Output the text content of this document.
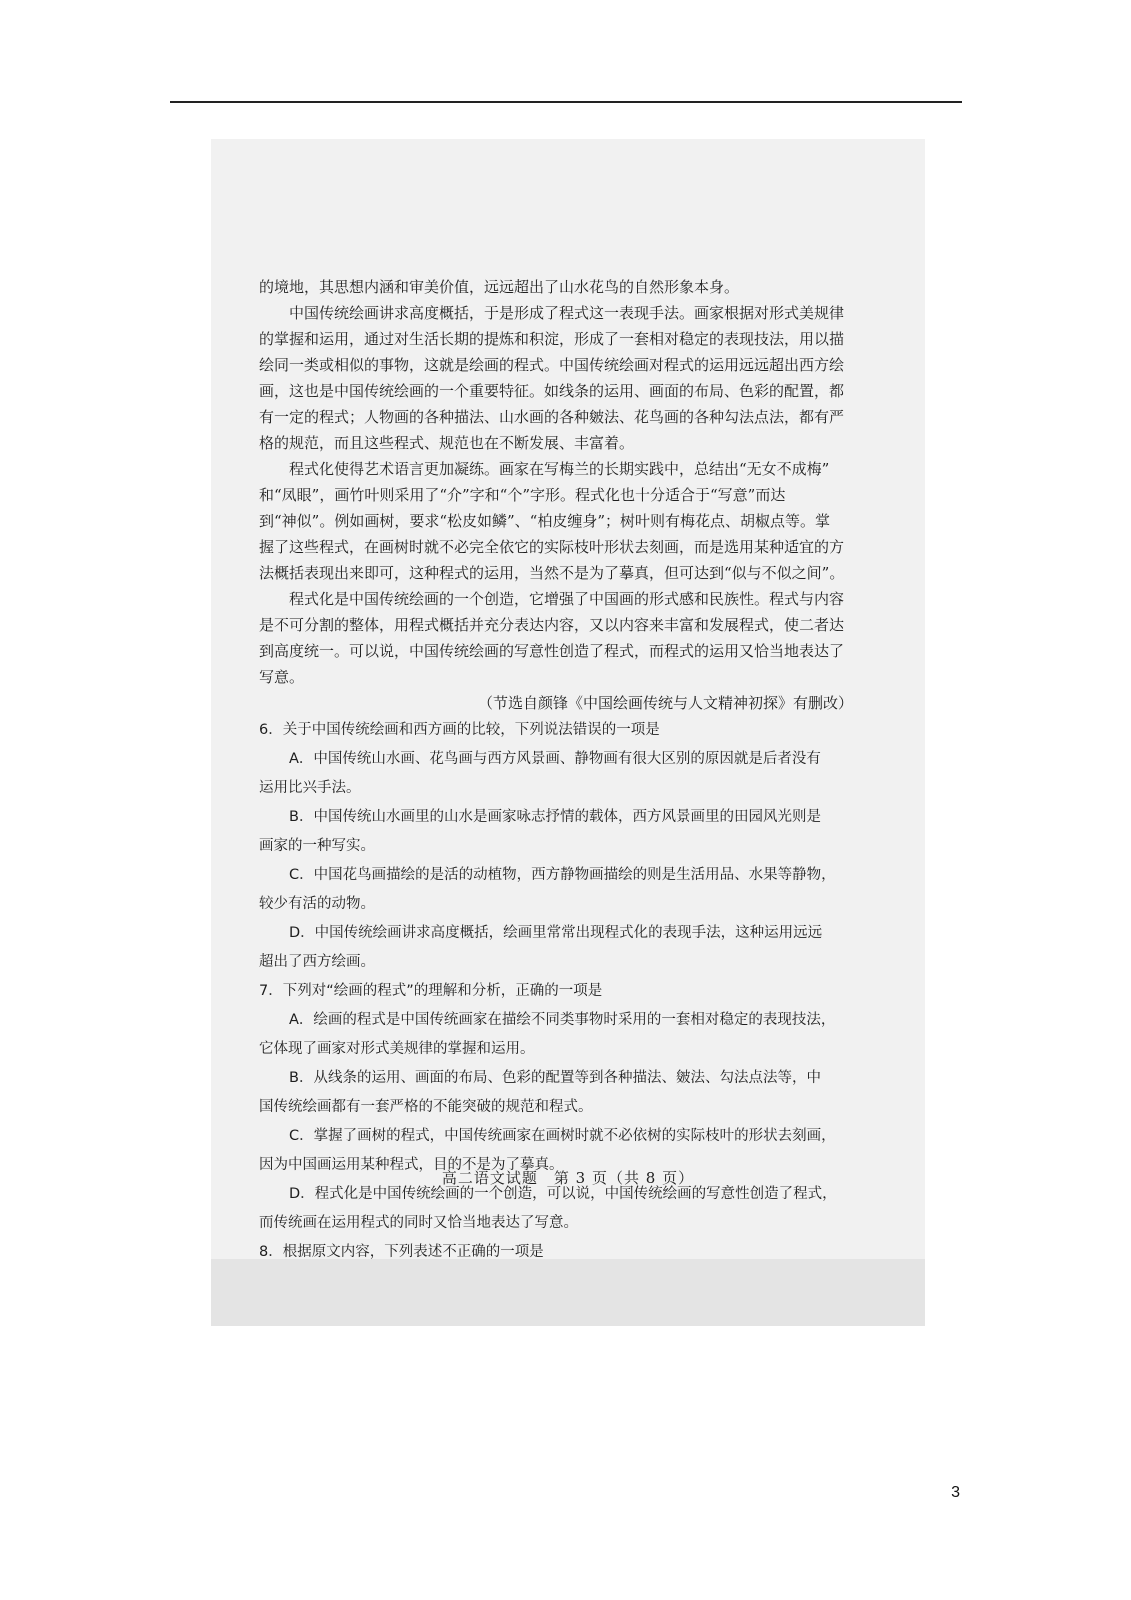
的境地，其思想内涵和审美价值，远远超出了山水花鸟的自然形象本身。
中国传统绘画讲求高度概括，于是形成了程式这一表现手法。画家根据对形式美规律
的掌握和运用，通过对生活长期的提炼和积淀，形成了一套相对稳定的表现技法，用以描
绘同一类或相似的事物，这就是绘画的程式。中国传统绘画对程式的运用远远超出西方绘
画，这也是中国传统绘画的一个重要特征。如线条的运用、画面的布局、色彩的配置，都
有一定的程式；人物画的各种描法、山水画的各种皴法、花鸟画的各种勾法点法，都有严
格的规范，而且这些程式、规范也在不断发展、丰富着。
程式化使得艺术语言更加凝练。画家在写梅兰的长期实践中，总结出“无女不成梅”
和“凤眼”，画竹叶则采用了“介”字和“个”字形。程式化也十分适合于“写意”而达
到“神似”。例如画树，要求“松皮如鳞”、“柏皮缠身”；树叶则有梅花点、胡椒点等。掌
握了这些程式，在画树时就不必完全依它的实际枝叶形状去刻画，而是选用某种适宜的方
法概括表现出来即可，这种程式的运用，当然不是为了摹真，但可达到“似与不似之间”。
程式化是中国传统绘画的一个创造，它增强了中国画的形式感和民族性。程式与内容
是不可分割的整体，用程式概括并充分表达内容，又以内容来丰富和发展程式，使二者达
到高度统一。可以说，中国传统绘画的写意性创造了程式，而程式的运用又恰当地表达了
写意。
（节选自颜锋《中国绘画传统与人文精神初探》有删改）
6．关于中国传统绘画和西方画的比较，下列说法错误的一项是
A．中国传统山水画、花鸟画与西方风景画、静物画有很大区别的原因就是后者没有
运用比兴手法。
B．中国传统山水画里的山水是画家咏志抒情的载体，西方风景画里的田园风光则是
画家的一种写实。
C．中国花鸟画描绘的是活的动植物，西方静物画描绘的则是生活用品、水果等静物，
较少有活的动物。
D．中国传统绘画讲求高度概括，绘画里常常出现程式化的表现手法，这种运用远远
超出了西方绘画。
7．下列对“绘画的程式”的理解和分析，正确的一项是
A．绘画的程式是中国传统画家在描绘不同类事物时采用的一套相对稳定的表现技法，
它体现了画家对形式美规律的掌握和运用。
B．从线条的运用、画面的布局、色彩的配置等到各种描法、皴法、勾法点法等，中
国传统绘画都有一套严格的不能突破的规范和程式。
C．掌握了画树的程式，中国传统画家在画树时就不必依树的实际枝叶的形状去刻画，
因为中国画运用某种程式，目的不是为了摹真。
D．程式化是中国传统绘画的一个创造，可以说，中国传统绘画的写意性创造了程式，
而传统画在运用程式的同时又恰当地表达了写意。
8．根据原文内容，下列表述不正确的一项是
高二语文试题　第 3 页（共 8 页）
3
